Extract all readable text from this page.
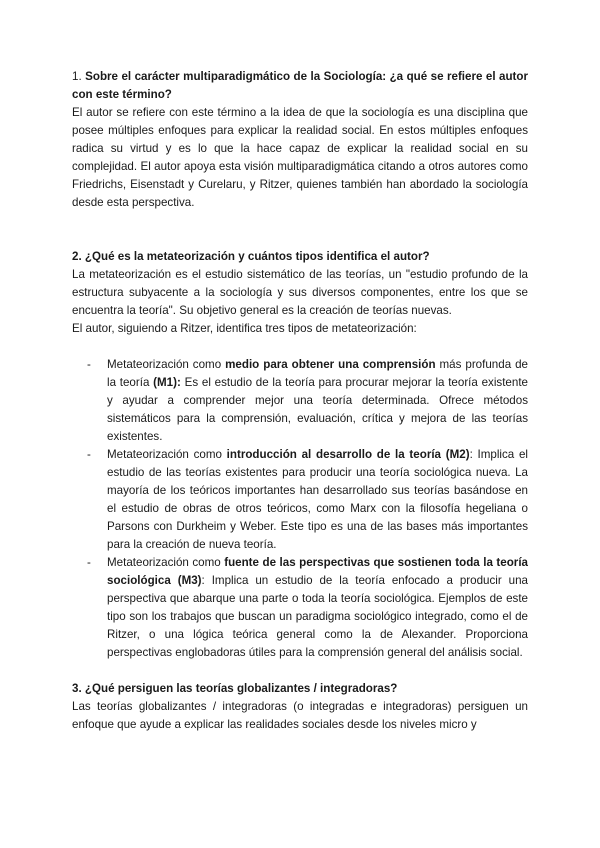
1. Sobre el carácter multiparadigmático de la Sociología: ¿a qué se refiere el autor con este término?

El autor se refiere con este término a la idea de que la sociología es una disciplina que posee múltiples enfoques para explicar la realidad social. En estos múltiples enfoques radica su virtud y es lo que la hace capaz de explicar la realidad social en su complejidad. El autor apoya esta visión multiparadigmática citando a otros autores como Friedrichs, Eisenstadt y Curelaru, y Ritzer, quienes también han abordado la sociología desde esta perspectiva.

2. ¿Qué es la metateorización y cuántos tipos identifica el autor?

La metateorización es el estudio sistemático de las teorías, un "estudio profundo de la estructura subyacente a la sociología y sus diversos componentes, entre los que se encuentra la teoría". Su objetivo general es la creación de teorías nuevas.

El autor, siguiendo a Ritzer, identifica tres tipos de metateorización:

- Metateorización como medio para obtener una comprensión más profunda de la teoría (M1): Es el estudio de la teoría para procurar mejorar la teoría existente y ayudar a comprender mejor una teoría determinada. Ofrece métodos sistemáticos para la comprensión, evaluación, crítica y mejora de las teorías existentes.
- Metateorización como introducción al desarrollo de la teoría (M2): Implica el estudio de las teorías existentes para producir una teoría sociológica nueva. La mayoría de los teóricos importantes han desarrollado sus teorías basándose en el estudio de obras de otros teóricos, como Marx con la filosofía hegeliana o Parsons con Durkheim y Weber. Este tipo es una de las bases más importantes para la creación de nueva teoría.
- Metateorización como fuente de las perspectivas que sostienen toda la teoría sociológica (M3): Implica un estudio de la teoría enfocado a producir una perspectiva que abarque una parte o toda la teoría sociológica. Ejemplos de este tipo son los trabajos que buscan un paradigma sociológico integrado, como el de Ritzer, o una lógica teórica general como la de Alexander. Proporciona perspectivas englobadoras útiles para la comprensión general del análisis social.

3. ¿Qué persiguen las teorías globalizantes / integradoras?

Las teorías globalizantes / integradoras (o integradas e integradoras) persiguen un enfoque que ayude a explicar las realidades sociales desde los niveles micro y
